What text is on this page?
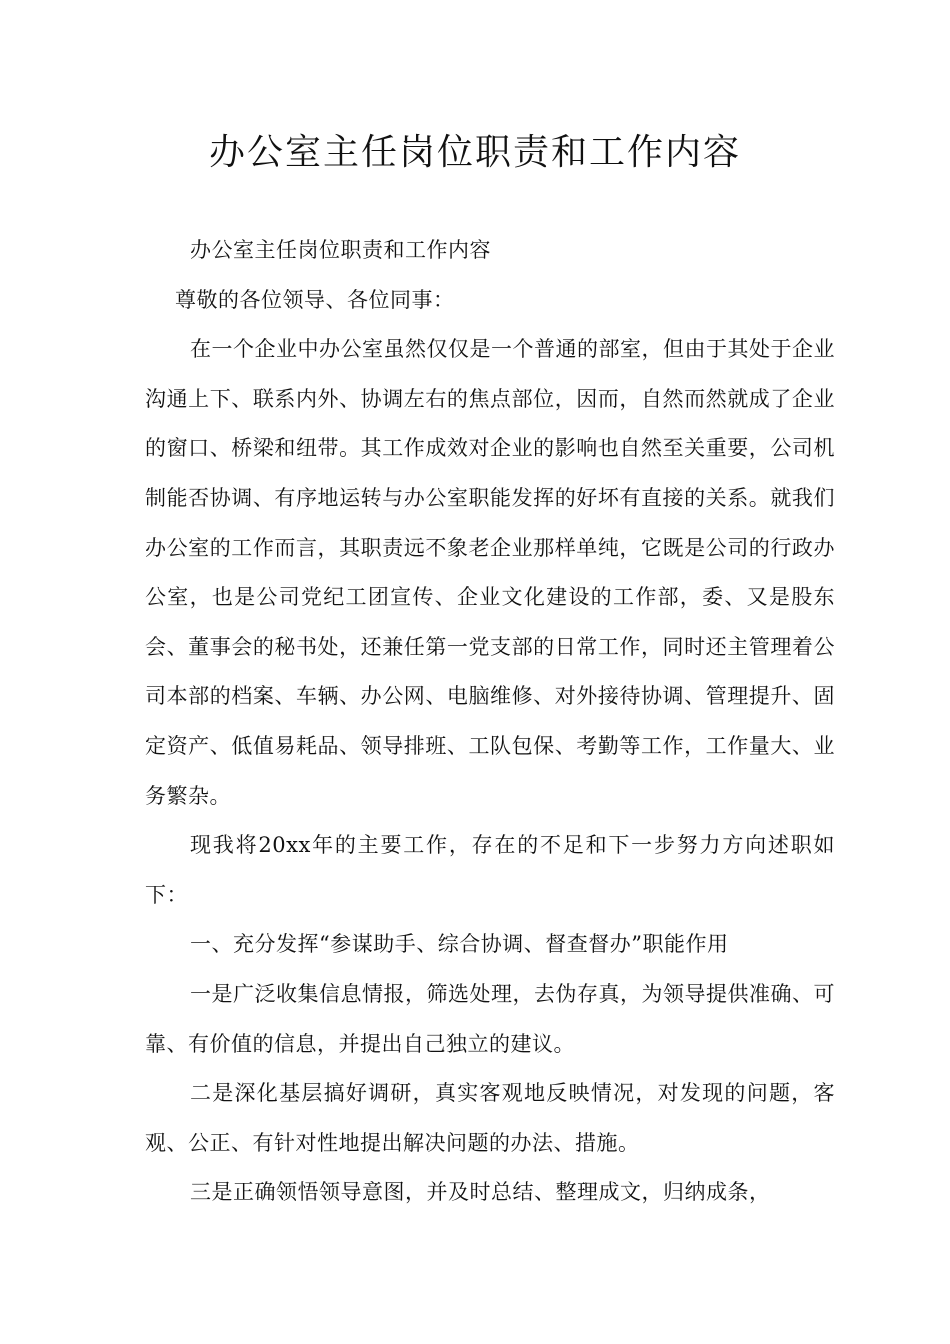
办公室主任岗位职责和工作内容

办公室主任岗位职责和工作内容

尊敬的各位领导、各位同事：

在一个企业中办公室虽然仅仅是一个普通的部室，但由于其处于企业沟通上下、联系内外、协调左右的焦点部位，因而，自然而然就成了企业的窗口、桥梁和纽带。其工作成效对企业的影响也自然至关重要，公司机制能否协调、有序地运转与办公室职能发挥的好坏有直接的关系。就我们办公室的工作而言，其职责远不象老企业那样单纯，它既是公司的行政办公室，也是公司党纪工团宣传、企业文化建设的工作部，委、又是股东会、董事会的秘书处，还兼任第一党支部的日常工作，同时还主管理着公司本部的档案、车辆、办公网、电脑维修、对外接待协调、管理提升、固定资产、低值易耗品、领导排班、工队包保、考勤等工作，工作量大、业务繁杂。

现我将20xx年的主要工作，存在的不足和下一步努力方向述职如下：

一、充分发挥“参谋助手、综合协调、督查督办”职能作用

一是广泛收集信息情报，筛选处理，去伪存真，为领导提供准确、可靠、有价值的信息，并提出自己独立的建议。

二是深化基层搞好调研，真实客观地反映情况，对发现的问题，客观、公正、有针对性地提出解决问题的办法、措施。

三是正确领悟领导意图，并及时总结、整理成文，归纳成条，
